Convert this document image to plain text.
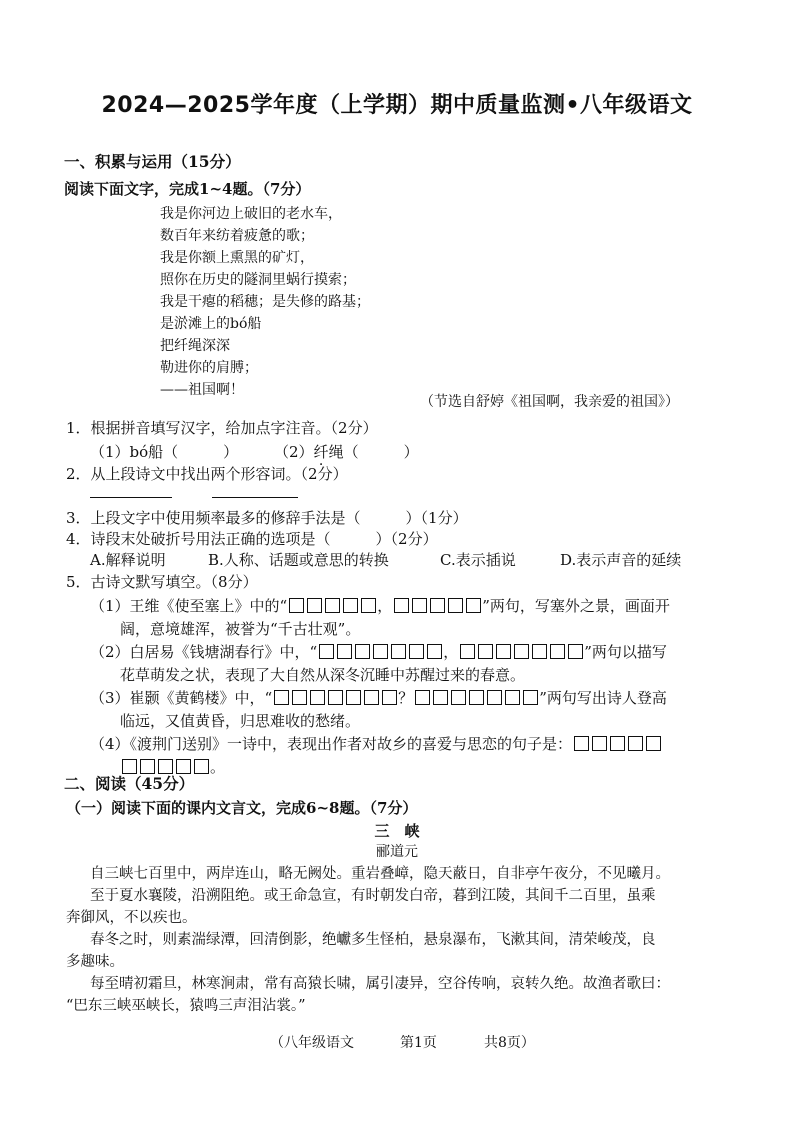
2024—2025学年度（上学期）期中质量监测•八年级语文
一、积累与运用（15分）
阅读下面文字，完成1~4题。（7分）
我是你河边上破旧的老水车，
数百年来纺着疲惫的歌；
我是你额上熏黑的矿灯，
照你在历史的隧洞里蜗行摸索；
我是干瘪的稻穗；是失修的路基；
是淤滩上的bó船
把纤绳深深
勒进你的肩膊；
——祖国啊！
（节选自舒婷《祖国啊，我亲爱的祖国》）
1．根据拼音填写汉字，给加点字注音。（2分）
（1）bó船（　　　） （2）纤绳（　　　）
2．从上段诗文中找出两个形容词。（2分）
3．上段文字中使用频率最多的修辞手法是（　　　）（1分）
4．诗段末处破折号用法正确的选项是（　　　）（2分）
A.解释说明	B.人称、话题或意思的转换	C.表示插说	D.表示声音的延续
5．古诗文默写填空。（8分）
（1）王维《使至塞上》中的“	，	”两句，写塞外之景，画面开
阔，意境雄浑，被誉为“千古壮观”。
（2）白居易《钱塘湖春行》中，“	，	”两句以描写
花草萌发之状，表现了大自然从深冬沉睡中苏醒过来的春意。
（3）崔颢《黄鹤楼》中，“	？	”两句写出诗人登高
临远，又值黄昏，归思难收的愁绪。
（4）《渡荆门送别》一诗中，表现出作者对故乡的喜爱与思恋的句子是：
。
二、阅读（45分）
（一）阅读下面的课内文言文，完成6~8题。（7分）
三　峡
郦道元
自三峡七百里中，两岸连山，略无阙处。重岩叠嶂，隐天蔽日，自非亭午夜分，不见曦月。
至于夏水襄陵，沿溯阻绝。或王命急宣，有时朝发白帝，暮到江陵，其间千二百里，虽乘
奔御风，不以疾也。
春冬之时，则素湍绿潭，回清倒影，绝巘多生怪柏，悬泉瀑布，飞漱其间，清荣峻茂，良
多趣味。
每至晴初霜旦，林寒涧肃，常有高猿长啸，属引凄异，空谷传响，哀转久绝。故渔者歌曰：
“巴东三峡巫峡长，猿鸣三声泪沾裳。”
（八年级语文	第1页	共8页）
